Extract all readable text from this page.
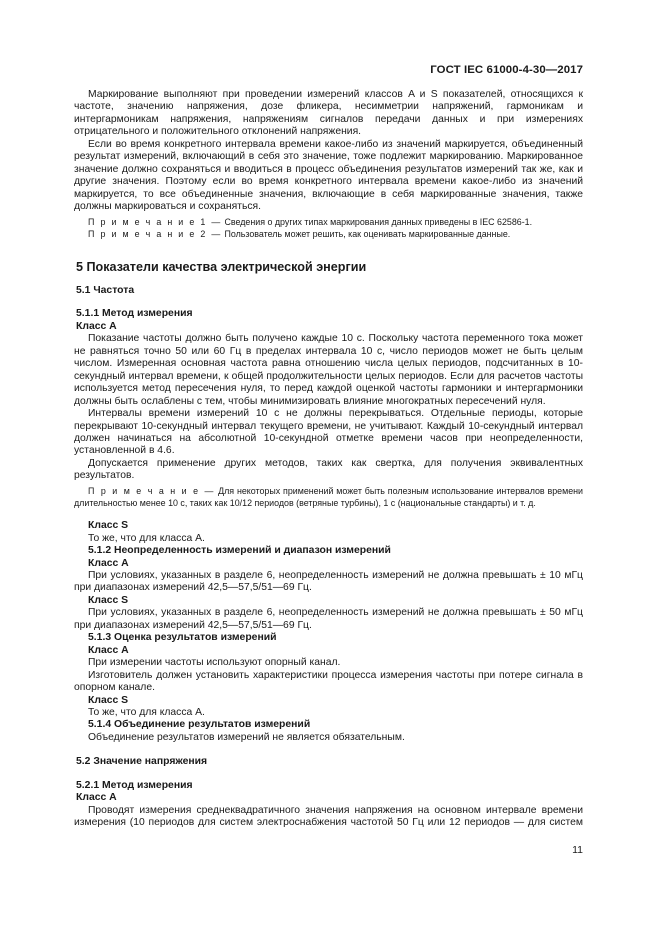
ГОСТ IEC 61000-4-30—2017

Маркирование выполняют при проведении измерений классов A и S показателей, относящихся к частоте, значению напряжения, дозе фликера, несимметрии напряжений, гармоникам и интергармоникам напряжения, напряжениям сигналов передачи данных и при измерениях отрицательного и положительного отклонений напряжения.

Если во время конкретного интервала времени какое-либо из значений маркируется, объединенный результат измерений, включающий в себя это значение, тоже подлежит маркированию. Маркированное значение должно сохраняться и вводиться в процесс объединения результатов измерений так же, как и другие значения. Поэтому если во время конкретного интервала времени какое-либо из значений маркируется, то все объединенные значения, включающие в себя маркированные значения, также должны маркироваться и сохраняться.

П р и м е ч а н и е 1 — Сведения о других типах маркирования данных приведены в IEC 62586-1.

П р и м е ч а н и е 2 — Пользователь может решить, как оценивать маркированные данные.

5 Показатели качества электрической энергии

5.1 Частота

5.1.1 Метод измерения

Класс A

Показание частоты должно быть получено каждые 10 с. Поскольку частота переменного тока может не равняться точно 50 или 60 Гц в пределах интервала 10 с, число периодов может не быть целым числом. Измеренная основная частота равна отношению числа целых периодов, подсчитанных в 10-секундный интервал времени, к общей продолжительности целых периодов. Если для расчетов частоты используется метод пересечения нуля, то перед каждой оценкой частоты гармоники и интергармоники должны быть ослаблены с тем, чтобы минимизировать влияние многократных пересечений нуля.

Интервалы времени измерений 10 с не должны перекрываться. Отдельные периоды, которые перекрывают 10-секундный интервал текущего времени, не учитывают. Каждый 10-секундный интервал должен начинаться на абсолютной 10-секундной отметке времени часов при неопределенности, установленной в 4.6.

Допускается применение других методов, таких как свертка, для получения эквивалентных результатов.

П р и м е ч а н и е — Для некоторых применений может быть полезным использование интервалов времени длительностью менее 10 с, таких как 10/12 периодов (ветряные турбины), 1 с (национальные стандарты) и т. д.

Класс S

То же, что для класса А.

5.1.2 Неопределенность измерений и диапазон измерений

Класс A

При условиях, указанных в разделе 6, неопределенность измерений не должна превышать ± 10 мГц при диапазонах измерений 42,5—57,5/51—69 Гц.

Класс S

При условиях, указанных в разделе 6, неопределенность измерений не должна превышать ± 50 мГц при диапазонах измерений 42,5—57,5/51—69 Гц.

5.1.3 Оценка результатов измерений

Класс A

При измерении частоты используют опорный канал.

Изготовитель должен установить характеристики процесса измерения частоты при потере сигнала в опорном канале.

Класс S

То же, что для класса А.

5.1.4 Объединение результатов измерений

Объединение результатов измерений не является обязательным.

5.2 Значение напряжения

5.2.1 Метод измерения

Класс A

Проводят измерения среднеквадратичного значения напряжения на основном интервале времени измерения (10 периодов для систем электроснабжения частотой 50 Гц или 12 периодов — для систем

11
